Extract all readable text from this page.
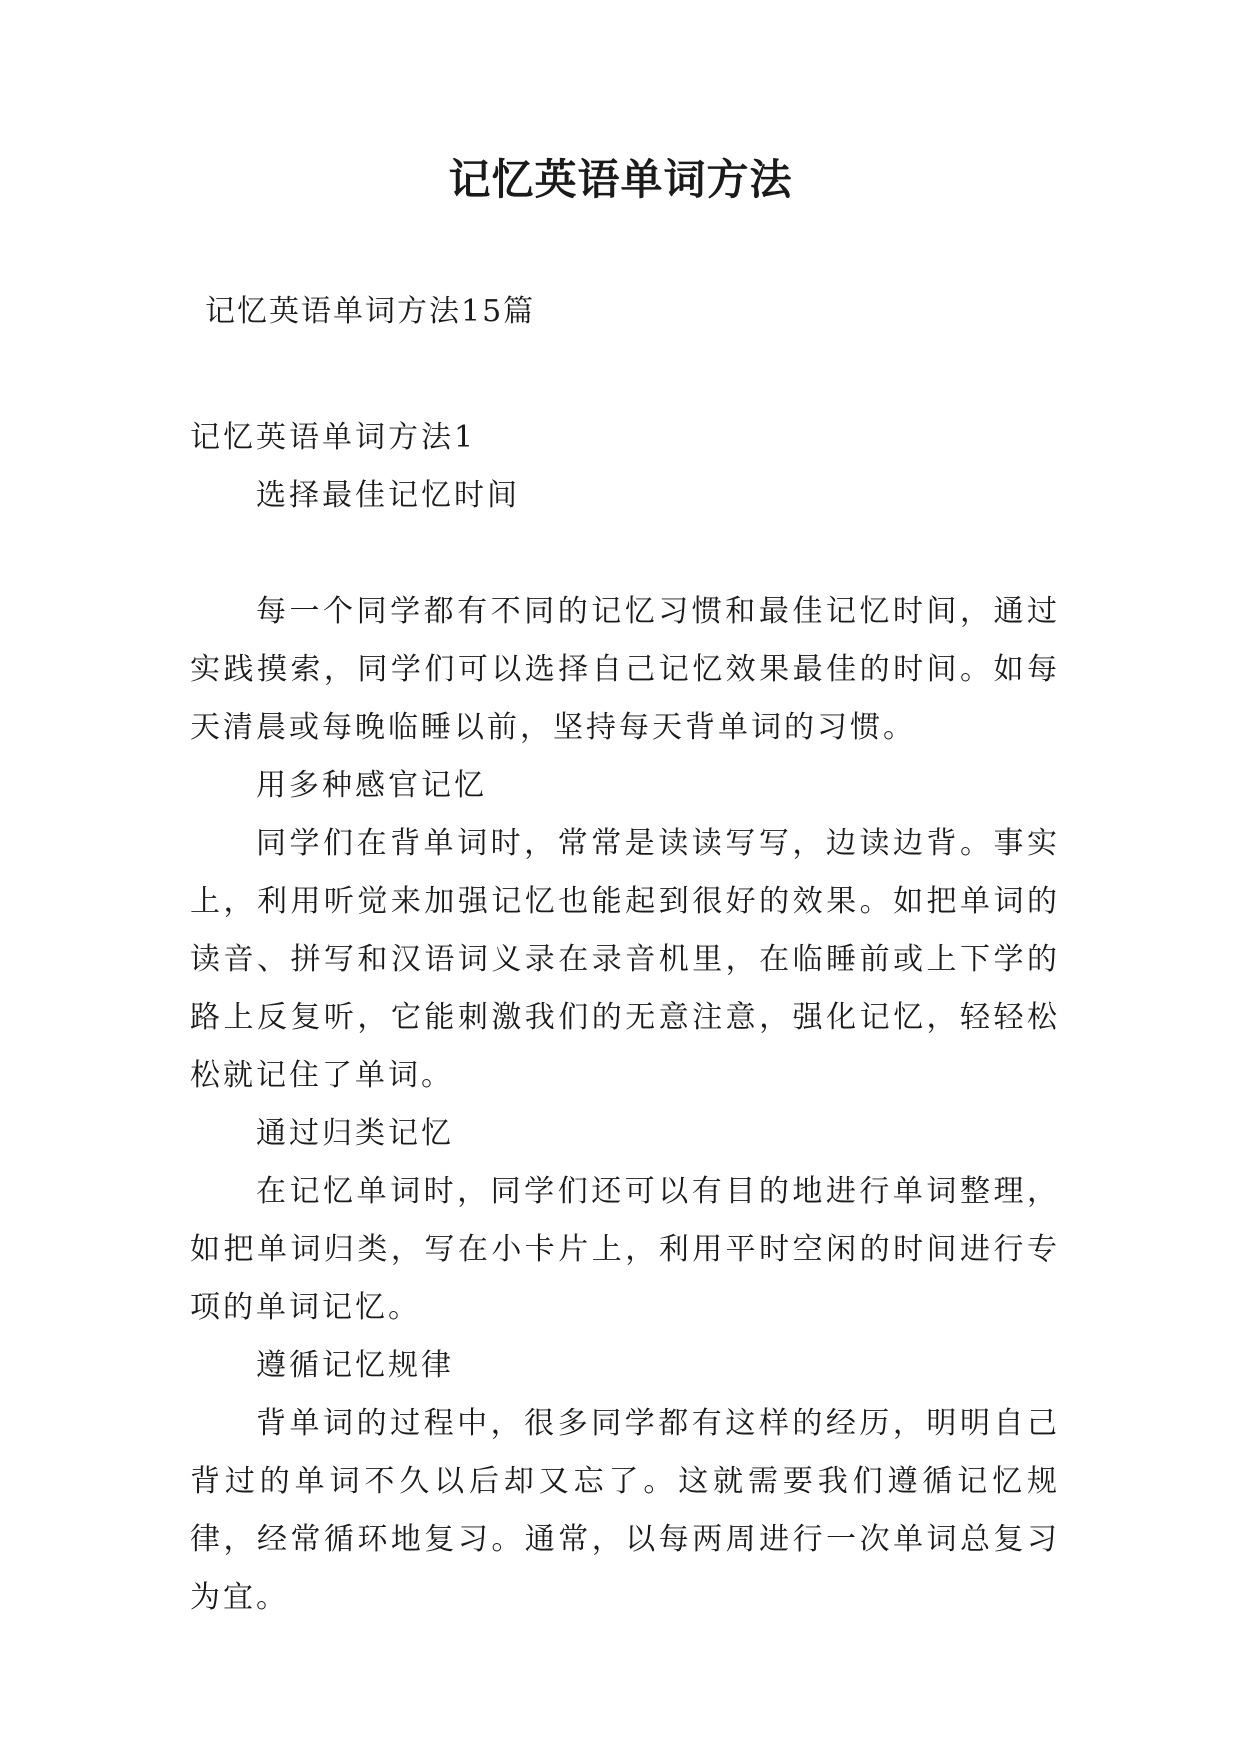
记忆英语单词方法
记忆英语单词方法15篇

记忆英语单词方法1

选择最佳记忆时间

每一个同学都有不同的记忆习惯和最佳记忆时间，通过实践摸索，同学们可以选择自己记忆效果最佳的时间。如每天清晨或每晚临睡以前，坚持每天背单词的习惯。

用多种感官记忆

同学们在背单词时，常常是读读写写，边读边背。事实上，利用听觉来加强记忆也能起到很好的效果。如把单词的读音、拼写和汉语词义录在录音机里，在临睡前或上下学的路上反复听，它能刺激我们的无意注意，强化记忆，轻轻松松就记住了单词。

通过归类记忆

在记忆单词时，同学们还可以有目的地进行单词整理，如把单词归类，写在小卡片上，利用平时空闲的时间进行专项的单词记忆。

遵循记忆规律

背单词的过程中，很多同学都有这样的经历，明明自己背过的单词不久以后却又忘了。这就需要我们遵循记忆规律，经常循环地复习。通常，以每两周进行一次单词总复习为宜。
